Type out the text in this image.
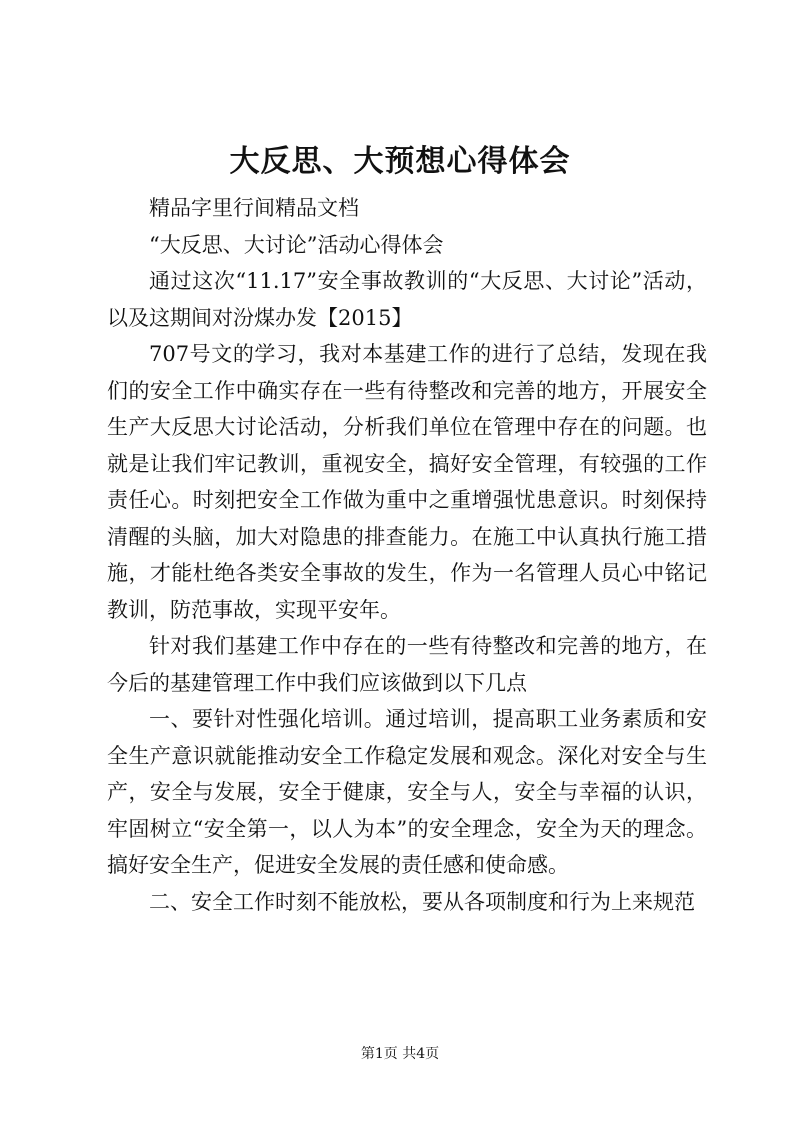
大反思、大预想心得体会

精品字里行间精品文档

“大反思、大讨论”活动心得体会

通过这次“11.17”安全事故教训的“大反思、大讨论”活动，以及这期间对汾煤办发【2015】

707号文的学习，我对本基建工作的进行了总结，发现在我们的安全工作中确实存在一些有待整改和完善的地方，开展安全生产大反思大讨论活动，分析我们单位在管理中存在的问题。也就是让我们牢记教训，重视安全，搞好安全管理，有较强的工作责任心。时刻把安全工作做为重中之重增强忧患意识。时刻保持清醒的头脑，加大对隐患的排查能力。在施工中认真执行施工措施，才能杜绝各类安全事故的发生，作为一名管理人员心中铭记教训，防范事故，实现平安年。

针对我们基建工作中存在的一些有待整改和完善的地方，在今后的基建管理工作中我们应该做到以下几点

一、要针对性强化培训。通过培训，提高职工业务素质和安全生产意识就能推动安全工作稳定发展和观念。深化对安全与生产，安全与发展，安全于健康，安全与人，安全与幸福的认识，牢固树立“安全第一，以人为本”的安全理念，安全为天的理念。搞好安全生产，促进安全发展的责任感和使命感。

二、安全工作时刻不能放松，要从各项制度和行为上来规范

第1页 共4页
